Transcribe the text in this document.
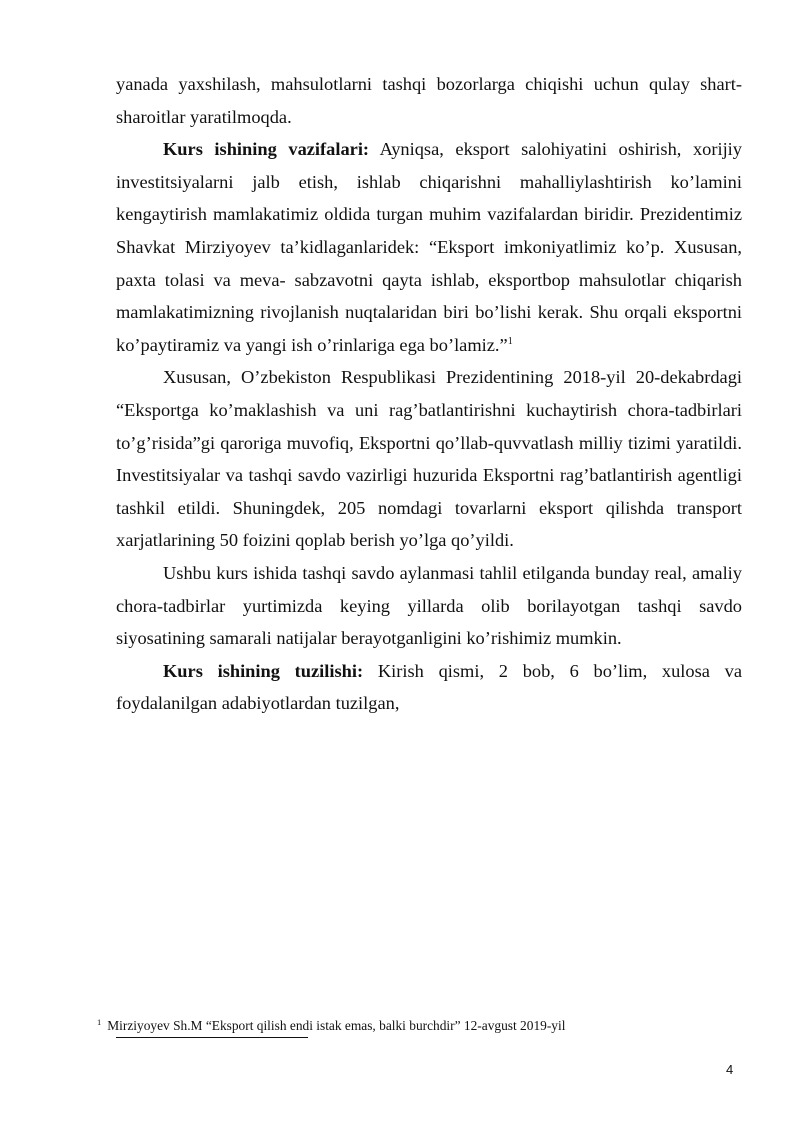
yanada yaxshilash, mahsulotlarni tashqi bozorlarga chiqishi uchun qulay shart-sharoitlar yaratilmoqda.

Kurs ishining vazifalari: Ayniqsa, eksport salohiyatini oshirish, xorijiy investitsiyalarni jalb etish, ishlab chiqarishni mahalliylashtirish ko’lamini kengaytirish mamlakatimiz oldida turgan muhim vazifalardan biridir. Prezidentimiz Shavkat Mirziyoyev ta’kidlaganlaridek: “Eksport imkoniyatlimiz ko’p. Xususan, paxta tolasi va meva- sabzavotni qayta ishlab, eksportbop mahsulotlar chiqarish mamlakatimizning rivojlanish nuqtalaridan biri bo’lishi kerak. Shu orqali eksportni ko’paytiramiz va yangi ish o’rinlariga ega bo’lamiz.”$^1$

Xususan, O’zbekiston Respublikasi Prezidentining 2018-yil 20-dekabrdagi “Eksportga ko’maklashish va uni rag’batlantirishni kuchaytirish chora-tadbirlari to’g’risida”gi qaroriga muvofiq, Eksportni qo’llab-quvvatlash milliy tizimi yaratildi. Investitsiyalar va tashqi savdo vazirligi huzurida Eksportni rag’batlantirish agentligi tashkil etildi. Shuningdek, 205 nomdagi tovarlarni eksport qilishda transport xarjatlarining 50 foizini qoplab berish yo’lga qo’yildi.

Ushbu kurs ishida tashqi savdo aylanmasi tahlil etilganda bunday real, amaliy chora-tadbirlar yurtimizda keying yillarda olib borilayotgan tashqi savdo siyosatining samarali natijalar berayotganligini ko’rishimiz mumkin.

Kurs ishining tuzilishi: Kirish qismi, 2 bob, 6 bo’lim, xulosa va foydalanilgan adabiyotlardan tuzilgan,

$^1$ Mirziyoyev Sh.M “Eksport qilish endi istak emas, balki burchdir” 12-avgust 2019-yil
4
